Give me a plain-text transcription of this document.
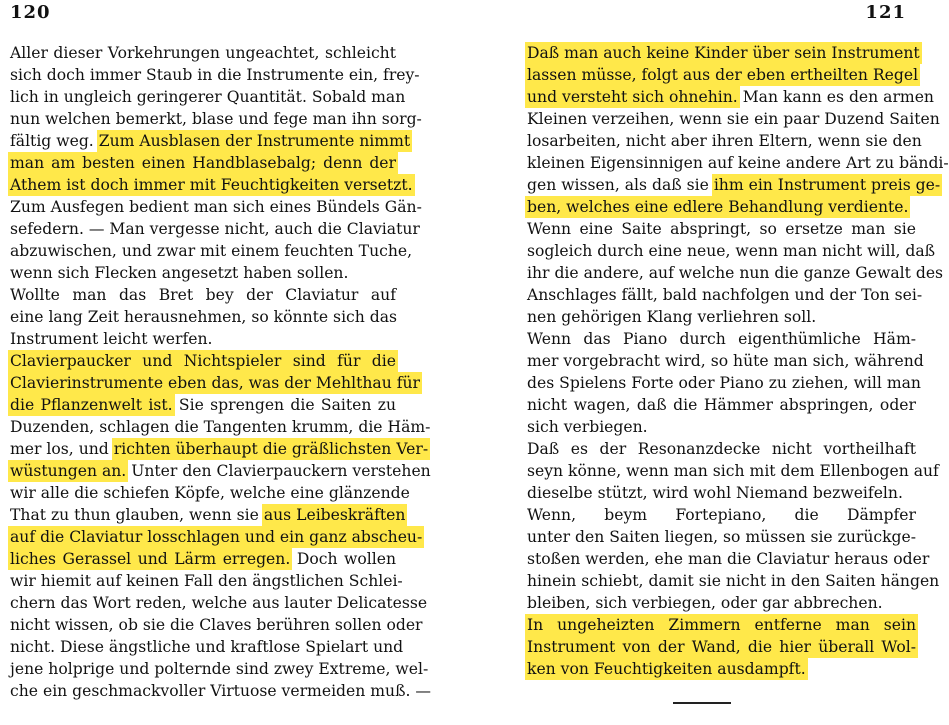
120
Aller dieser Vorkehrungen ungeachtet, schleicht
sich doch immer Staub in die Instrumente ein, frey-
lich in ungleich geringerer Quantität. Sobald man
nun welchen bemerkt, blase und fege man ihn sorg-
fältig weg. Zum Ausblasen der Instrumente nimmt
man am besten einen Handblasebalg; denn der
Athem ist doch immer mit Feuchtigkeiten versetzt.
Zum Ausfegen bedient man sich eines Bündels Gän-
sefedern. — Man vergesse nicht, auch die Claviatur
abzuwischen, und zwar mit einem feuchten Tuche,
wenn sich Flecken angesetzt haben sollen.
Wollte man das Bret bey der Claviatur auf
eine lang Zeit herausnehmen, so könnte sich das
Instrument leicht werfen.
Clavierpaucker und Nichtspieler sind für die
Clavierinstrumente eben das, was der Mehlthau für
die Pflanzenwelt ist. Sie sprengen die Saiten zu
Duzenden, schlagen die Tangenten krumm, die Häm-
mer los, und richten überhaupt die gräßlichsten Ver-
wüstungen an. Unter den Clavierpauckern verstehen
wir alle die schiefen Köpfe, welche eine glänzende
That zu thun glauben, wenn sie aus Leibeskräften
auf die Claviatur losschlagen und ein ganz abscheu-
liches Gerassel und Lärm erregen. Doch wollen
wir hiemit auf keinen Fall den ängstlichen Schlei-
chern das Wort reden, welche aus lauter Delicatesse
nicht wissen, ob sie die Claves berühren sollen oder
nicht. Diese ängstliche und kraftlose Spielart und
jene holprige und polternde sind zwey Extreme, wel-
che ein geschmackvoller Virtuose vermeiden muß. —
121
Daß man auch keine Kinder über sein Instrument
lassen müsse, folgt aus der eben ertheilten Regel
und versteht sich ohnehin. Man kann es den armen
Kleinen verzeihen, wenn sie ein paar Duzend Saiten
losarbeiten, nicht aber ihren Eltern, wenn sie den
kleinen Eigensinnigen auf keine andere Art zu bändi-
gen wissen, als daß sie ihm ein Instrument preis ge-
ben, welches eine edlere Behandlung verdiente.
Wenn eine Saite abspringt, so ersetze man sie
sogleich durch eine neue, wenn man nicht will, daß
ihr die andere, auf welche nun die ganze Gewalt des
Anschlages fällt, bald nachfolgen und der Ton sei-
nen gehörigen Klang verliehren soll.
Wenn das Piano durch eigenthümliche Häm-
mer vorgebracht wird, so hüte man sich, während
des Spielens Forte oder Piano zu ziehen, will man
nicht wagen, daß die Hämmer abspringen, oder
sich verbiegen.
Daß es der Resonanzdecke nicht vortheilhaft
seyn könne, wenn man sich mit dem Ellenbogen auf
dieselbe stützt, wird wohl Niemand bezweifeln.
Wenn, beym Fortepiano, die Dämpfer
unter den Saiten liegen, so müssen sie zurückge-
stoßen werden, ehe man die Claviatur heraus oder
hinein schiebt, damit sie nicht in den Saiten hängen
bleiben, sich verbiegen, oder gar abbrechen.
In ungeheizten Zimmern entferne man sein
Instrument von der Wand, die hier überall Wol-
ken von Feuchtigkeiten ausdampft.
